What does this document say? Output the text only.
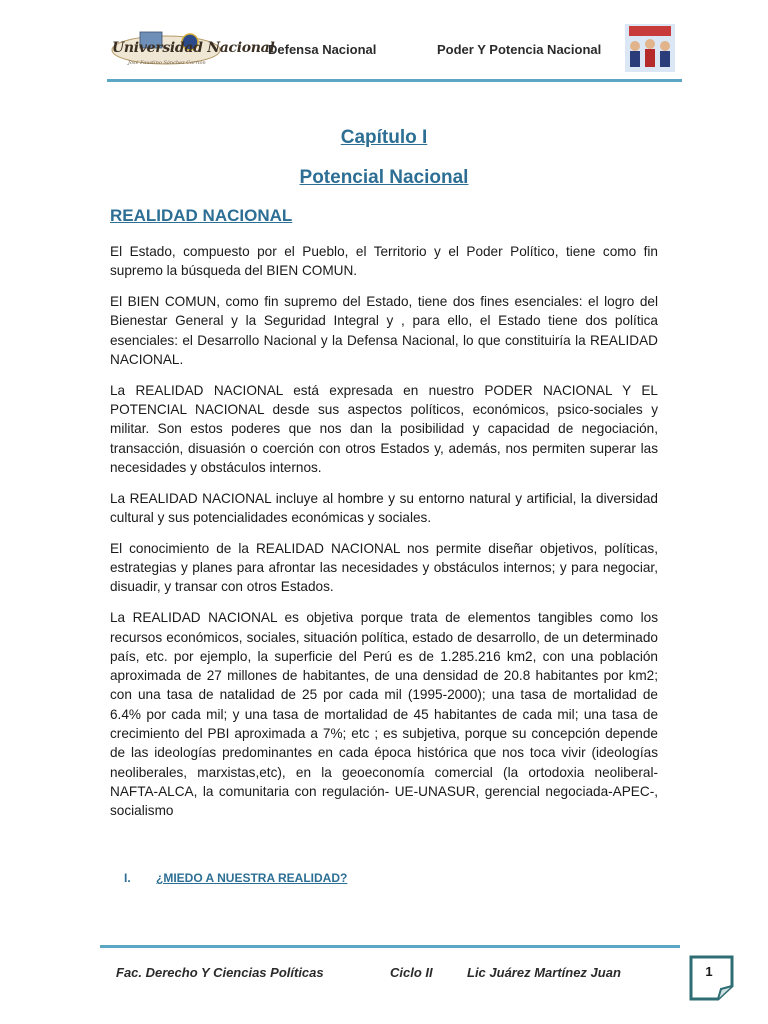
Universidad Nacional
José Faustino Sánchez Carrión
Defensa Nacional	Poder Y Potencia Nacional
Capítulo I
Potencial Nacional
REALIDAD NACIONAL

El Estado, compuesto por el Pueblo, el Territorio y el Poder Político, tiene como fin supremo la búsqueda del BIEN COMUN.

El BIEN COMUN, como fin supremo del Estado, tiene dos fines esenciales: el logro del Bienestar General y la Seguridad Integral y , para ello, el Estado tiene dos política esenciales: el Desarrollo Nacional y la Defensa Nacional, lo que constituiría la REALIDAD NACIONAL.

La REALIDAD NACIONAL está expresada en nuestro PODER NACIONAL Y EL POTENCIAL NACIONAL desde sus aspectos políticos, económicos, psico-sociales y militar. Son estos poderes que nos dan la posibilidad y capacidad de negociación, transacción, disuasión o coerción con otros Estados y, además, nos permiten superar las necesidades y obstáculos internos.

La REALIDAD NACIONAL incluye al hombre y su entorno natural y artificial, la diversidad cultural y sus potencialidades económicas y sociales.

El conocimiento de la REALIDAD NACIONAL nos permite diseñar objetivos, políticas, estrategias y planes para afrontar las necesidades y obstáculos internos; y para negociar, disuadir, y transar con otros Estados.

La REALIDAD NACIONAL es objetiva porque trata de elementos tangibles como los recursos económicos, sociales, situación política, estado de desarrollo, de un determinado país, etc. por ejemplo, la superficie del Perú es de 1.285.216 km2, con una población aproximada de 27 millones de habitantes, de una densidad de 20.8 habitantes por km2; con una tasa de natalidad de 25 por cada mil (1995-2000); una tasa de mortalidad de 6.4% por cada mil; y una tasa de mortalidad de 45 habitantes de cada mil; una tasa de crecimiento del PBI aproximada a 7%; etc ; es subjetiva, porque su concepción depende de las ideologías predominantes en cada época histórica que nos toca vivir (ideologías neoliberales, marxistas,etc), en la geoeconomía comercial (la ortodoxia neoliberal- NAFTA-ALCA, la comunitaria con regulación- UE-UNASUR, gerencial negociada-APEC-, socialismo

I. ¿MIEDO A NUESTRA REALIDAD?
Fac. Derecho Y Ciencias Políticas	Ciclo II	Lic Juárez Martínez Juan	1
